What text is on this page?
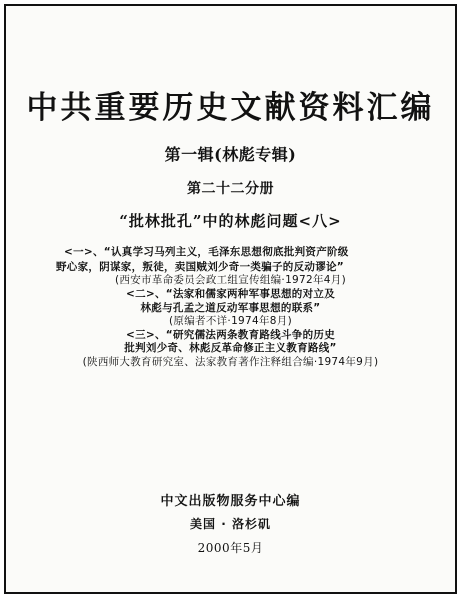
中共重要历史文献资料汇编
第一辑(林彪专辑)
第二十二分册
“批林批孔”中的林彪问题<八>
<一>、“认真学习马列主义，毛泽东思想彻底批判资产阶级
野心家，阴谋家，叛徒，卖国贼刘少奇一类骗子的反动谬论”
(西安市革命委员会政工组宣传组编·1972年4月)
<二>、“法家和儒家两种军事思想的对立及
林彪与孔孟之道反动军事思想的联系”
(原编者不详·1974年8月)
<三>、“研究儒法两条教育路线斗争的历史
批判刘少奇、林彪反革命修正主义教育路线”
(陕西师大教育研究室、法家教育著作注释组合编·1974年9月)
中文出版物服务中心编
美国 · 洛杉矶
2000年5月
